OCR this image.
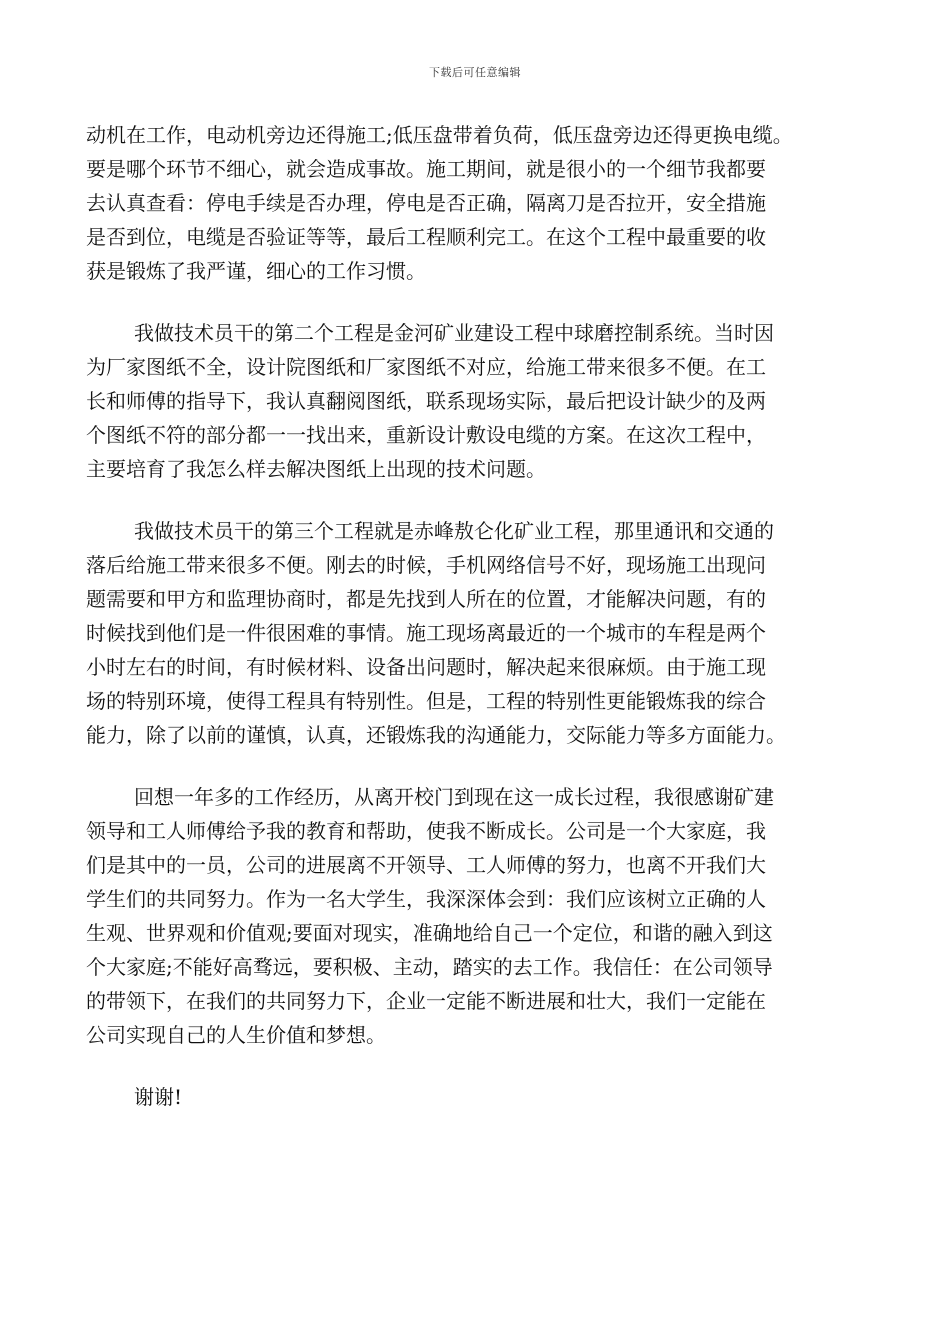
下载后可任意编辑
动机在工作，电动机旁边还得施工;低压盘带着负荷，低压盘旁边还得更换电缆。
要是哪个环节不细心，就会造成事故。施工期间，就是很小的一个细节我都要
去认真查看：停电手续是否办理，停电是否正确，隔离刀是否拉开，安全措施
是否到位，电缆是否验证等等，最后工程顺利完工。在这个工程中最重要的收
获是锻炼了我严谨，细心的工作习惯。
我做技术员干的第二个工程是金河矿业建设工程中球磨控制系统。当时因
为厂家图纸不全，设计院图纸和厂家图纸不对应，给施工带来很多不便。在工
长和师傅的指导下，我认真翻阅图纸，联系现场实际，最后把设计缺少的及两
个图纸不符的部分都一一找出来，重新设计敷设电缆的方案。在这次工程中，
主要培育了我怎么样去解决图纸上出现的技术问题。
我做技术员干的第三个工程就是赤峰敖仑化矿业工程，那里通讯和交通的
落后给施工带来很多不便。刚去的时候，手机网络信号不好，现场施工出现问
题需要和甲方和监理协商时，都是先找到人所在的位置，才能解决问题，有的
时候找到他们是一件很困难的事情。施工现场离最近的一个城市的车程是两个
小时左右的时间，有时候材料、设备出问题时，解决起来很麻烦。由于施工现
场的特别环境，使得工程具有特别性。但是，工程的特别性更能锻炼我的综合
能力，除了以前的谨慎，认真，还锻炼我的沟通能力，交际能力等多方面能力。
回想一年多的工作经历，从离开校门到现在这一成长过程，我很感谢矿建
领导和工人师傅给予我的教育和帮助，使我不断成长。公司是一个大家庭，我
们是其中的一员，公司的进展离不开领导、工人师傅的努力，也离不开我们大
学生们的共同努力。作为一名大学生，我深深体会到：我们应该树立正确的人
生观、世界观和价值观;要面对现实，准确地给自己一个定位，和谐的融入到这
个大家庭;不能好高骛远，要积极、主动，踏实的去工作。我信任：在公司领导
的带领下，在我们的共同努力下，企业一定能不断进展和壮大，我们一定能在
公司实现自己的人生价值和梦想。
谢谢!
